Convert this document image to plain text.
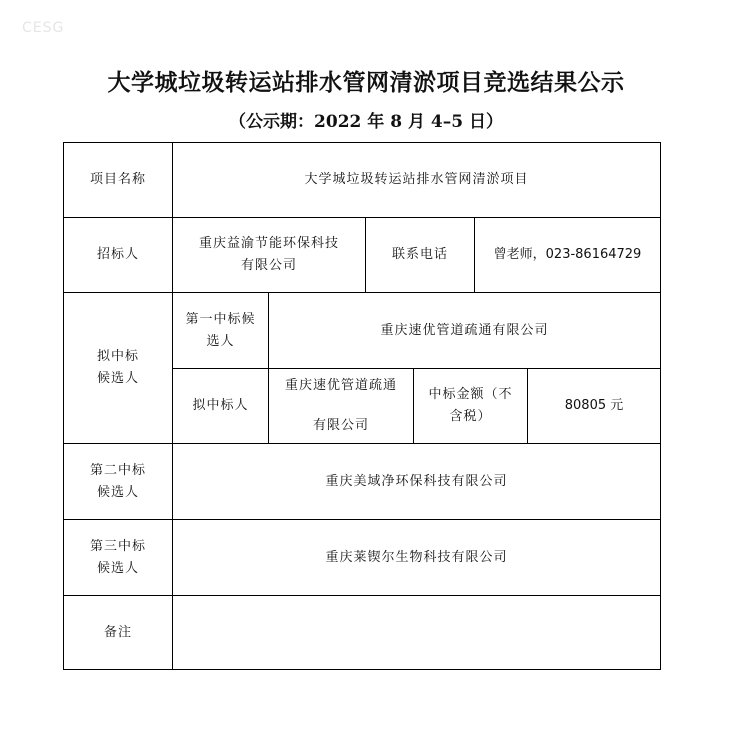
CESG
大学城垃圾转运站排水管网清淤项目竞选结果公示
（公示期：2022 年 8 月 4–5 日）
项目名称	大学城垃圾转运站排水管网清淤项目
招标人
重庆益渝节能环保科技
有限公司
联系电话	曾老师，023-86164729
拟中标
候选人
第一中标候
选人
重庆速优管道疏通有限公司
拟中标人
重庆速优管道疏通
有限公司
中标金额（不
含税）
80805 元
第二中标
候选人
重庆美域净环保科技有限公司
第三中标
候选人
重庆莱锲尔生物科技有限公司
备注
